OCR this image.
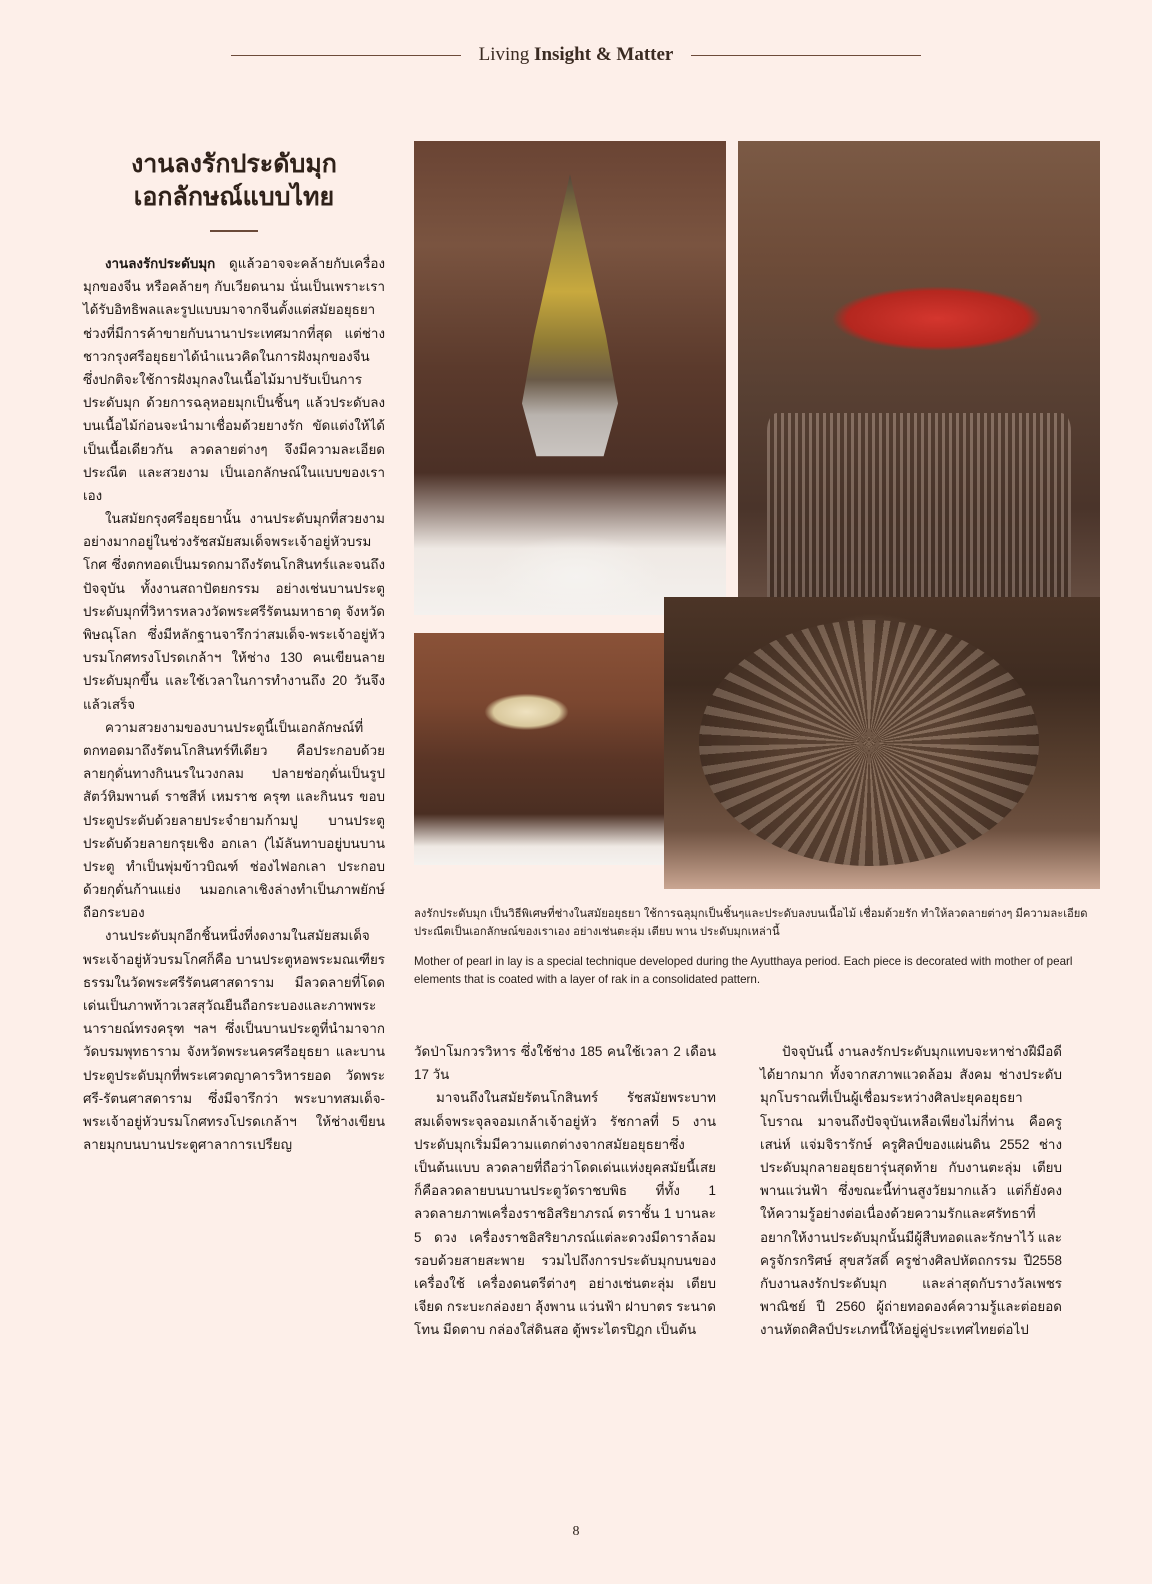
Living Insight & Matter
งานลงรักประดับมุก
เอกลักษณ์แบบไทย

งานลงรักประดับมุก ดูแล้วอาจจะคล้ายกับเครื่องมุกของจีน หรือคล้ายๆ กับเวียดนาม นั่นเป็นเพราะเราได้รับอิทธิพลและรูปแบบมาจากจีนตั้งแต่สมัยอยุธยา ช่วงที่มีการค้าขายกับนานาประเทศมากที่สุด แต่ช่างชาวกรุงศรีอยุธยาได้นำแนวคิดในการฝังมุกของจีน ซึ่งปกติจะใช้การฝังมุกลงในเนื้อไม้มาปรับเป็นการประดับมุก ด้วยการฉลุหอยมุกเป็นชิ้นๆ แล้วประดับลงบนเนื้อไม้ก่อนจะนำมาเชื่อมด้วยยางรัก ขัดแต่งให้ได้เป็นเนื้อเดียวกัน ลวดลายต่างๆ จึงมีความละเอียดประณีต และสวยงาม เป็นเอกลักษณ์ในแบบของเราเอง

ในสมัยกรุงศรีอยุธยานั้น งานประดับมุกที่สวยงามอย่างมากอยู่ในช่วงรัชสมัยสมเด็จพระเจ้าอยู่หัวบรมโกศ ซึ่งตกทอดเป็นมรดกมาถึงรัตนโกสินทร์และจนถึงปัจจุบัน ทั้งงานสถาปัตยกรรม อย่างเช่นบานประตูประดับมุกที่วิหารหลวงวัดพระศรีรัตนมหาธาตุ จังหวัดพิษณุโลก ซึ่งมีหลักฐานจารึกว่าสมเด็จ-พระเจ้าอยู่หัวบรมโกศทรงโปรดเกล้าฯ ให้ช่าง 130 คนเขียนลายประดับมุกขึ้น และใช้เวลาในการทำงานถึง 20 วันจึงแล้วเสร็จ

ความสวยงามของบานประตูนี้เป็นเอกลักษณ์ที่ตกทอดมาถึงรัตนโกสินทร์ทีเดียว คือประกอบด้วย ลายกุดั่นทางกินนรในวงกลม ปลายช่อกุดั่นเป็นรูปสัตว์หิมพานต์ ราชสีห์ เหมราช ครุฑ และกินนร ขอบประตูประดับด้วยลายประจำยามก้ามปู บานประตูประดับด้วยลายกรุยเชิง อกเลา (ไม้ลันทาบอยู่บนบานประตู ทำเป็นพุ่มข้าวบิณฑ์ ช่องไฟอกเลา ประกอบด้วยกุดั่นก้านแย่ง นมอกเลาเชิงล่างทำเป็นภาพยักษ์ถือกระบอง

งานประดับมุกอีกชิ้นหนึ่งที่งดงามในสมัยสมเด็จพระเจ้าอยู่หัวบรมโกศก็คือ บานประตูหอพระมณเฑียรธรรมในวัดพระศรีรัตนศาสดาราม มีลวดลายที่โดดเด่นเป็นภาพท้าวเวสสุวัณยืนถือกระบองและภาพพระนารายณ์ทรงครุฑ ฯลฯ ซึ่งเป็นบานประตูที่นำมาจากวัดบรมพุทธาราม จังหวัดพระนครศรีอยุธยา และบานประตูประดับมุกที่พระเศวตญาคารวิหารยอด วัดพระศรี-รัตนศาสดาราม ซึ่งมีจารึกว่า พระบาทสมเด็จ-พระเจ้าอยู่หัวบรมโกศทรงโปรดเกล้าฯ ให้ช่างเขียนลายมุกบนบานประตูศาลาการเปรียญ

ลงรักประดับมุก เป็นวิธีพิเศษที่ช่างในสมัยอยุธยา ใช้การฉลุมุกเป็นชิ้นๆและประดับลงบนเนื้อไม้ เชื่อมด้วยรัก ทำให้ลวดลายต่างๆ มีความละเอียดประณีตเป็นเอกลักษณ์ของเราเอง อย่างเช่นตะลุ่ม เตียบ พาน ประดับมุกเหล่านี้
Mother of pearl in lay is a special technique developed during the Ayutthaya period. Each piece is decorated with mother of pearl elements that is coated with a layer of rak in a consolidated pattern.

วัดป่าโมกวรวิหาร ซึ่งใช้ช่าง 185 คนใช้เวลา 2 เดือน 17 วัน

มาจนถึงในสมัยรัตนโกสินทร์ รัชสมัยพระบาทสมเด็จพระจุลจอมเกล้าเจ้าอยู่หัว รัชกาลที่ 5 งานประดับมุกเริ่มมีความแตกต่างจากสมัยอยุธยาซึ่งเป็นต้นแบบ ลวดลายที่ถือว่าโดดเด่นแห่งยุคสมัยนี้เสยก็คือลวดลายบนบานประตูวัดราชบพิธ ที่ทั้ง 1 ลวดลายภาพเครื่องราชอิสริยาภรณ์ ตราชั้น 1 บานละ 5 ดวง เครื่องราชอิสริยาภรณ์แต่ละดวงมีดาราล้อมรอบด้วยสายสะพาย รวมไปถึงการประดับมุกบนของเครื่องใช้ เครื่องดนตรีต่างๆ อย่างเช่นตะลุ่ม เตียบ เจียด กระบะกล่องยา ลุ้งพาน แว่นฟ้า ฝาบาตร ระนาดโทน มีดตาบ กล่องใส่ดินสอ ตู้พระไตรปิฎก เป็นต้น

ปัจจุบันนี้ งานลงรักประดับมุกแทบจะหาช่างฝีมือดีได้ยากมาก ทั้งจากสภาพแวดล้อม สังคม ช่างประดับมุกโบราณที่เป็นผู้เชื่อมระหว่างศิลปะยุคอยุธยาโบราณ มาจนถึงปัจจุบันเหลือเพียงไม่กี่ท่าน คือครูเสน่ห์ แจ่มจิรารักษ์ ครูศิลป์ของแผ่นดิน 2552 ช่างประดับมุกลายอยุธยารุ่นสุดท้าย กับงานตะลุ่ม เตียบ พานแว่นฟ้า ซึ่งขณะนี้ท่านสูงวัยมากแล้ว แต่ก็ยังคงให้ความรู้อย่างต่อเนื่องด้วยความรักและศรัทธาที่อยากให้งานประดับมุกนั้นมีผู้สืบทอดและรักษาไว้ และครูจักรกริศษ์ สุขสวัสดิ์ ครูช่างศิลปหัตถกรรม ปี2558 กับงานลงรักประดับมุก และล่าสุดกับรางวัลเพชรพาณิชย์ ปี 2560 ผู้ถ่ายทอดองค์ความรู้และต่อยอดงานหัตถศิลป์ประเภทนี้ให้อยู่คู่ประเทศไทยต่อไป

8
